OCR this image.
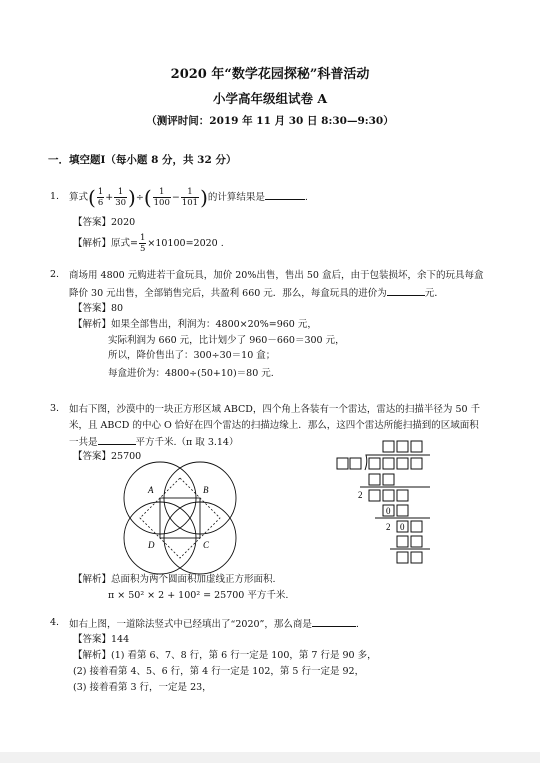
2020 年“数学花园探秘”科普活动
小学高年级组试卷 A
（测评时间：2019 年 11 月 30 日 8:30—9:30）
一．填空题Ⅰ（每小题 8 分，共 32 分）
1. 算式( $\frac{1}{6} + \frac{1}{30}$ )÷( $\frac{1}{100} - \frac{1}{101}$ )的计算结果是	.
【答案】2020
【解析】原式= $\frac{1}{5} \times 10100=2020$ .
2. 商场用 4800 元购进若干盒玩具，加价 20%出售，售出 50 盒后，由于包装损坏，余下的玩具每盒
降价 30 元出售，全部销售完后，共盈利 660 元．那么，每盒玩具的进价为	元．
【答案】80
【解析】如果全部售出，利润为：4800×20%=960 元，
实际利润为 660 元，比计划少了 960－660＝300 元，
所以，降价售出了：300÷30＝10 盒；
每盒进价为：4800÷(50+10)＝80 元.
3. 如右下图，沙漠中的一块正方形区域 ABCD，四个角上各装有一个雷达，雷达的扫描半径为 50 千
米，且 ABCD 的中心 O 恰好在四个雷达的扫描边缘上．那么，这四个雷达所能扫描到的区域面积
一共是	平方千米.（π 取 3.14）
【答案】25700
A	B
D	C
2
0
2 0
【解析】总面积为两个圆面积加虚线正方形面积.
π × 50² × 2 + 100² = 25700 平方千米.
4. 如右上图，一道除法竖式中已经填出了“2020”，那么商是	.
【答案】144
【解析】(1) 看第 6、7、8 行，第 6 行一定是 100，第 7 行是 90 多，
(2) 接着看第 4、5、6 行，第 4 行一定是 102，第 5 行一定是 92，
(3) 接着看第 3 行，一定是 23，
